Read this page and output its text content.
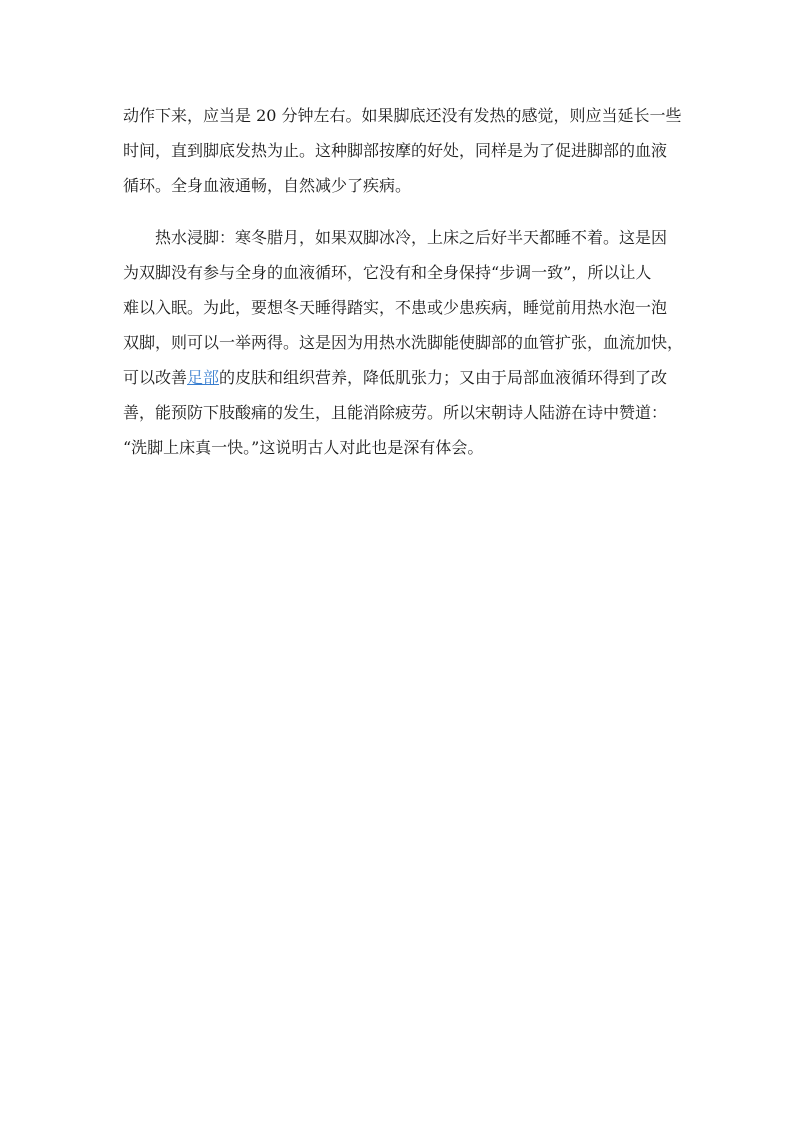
动作下来，应当是 20 分钟左右。如果脚底还没有发热的感觉，则应当延长一些
时间，直到脚底发热为止。这种脚部按摩的好处，同样是为了促进脚部的血液
循环。全身血液通畅，自然减少了疾病。
热水浸脚：寒冬腊月，如果双脚冰冷，上床之后好半天都睡不着。这是因
为双脚没有参与全身的血液循环，它没有和全身保持“步调一致”，所以让人
难以入眠。为此，要想冬天睡得踏实，不患或少患疾病，睡觉前用热水泡一泡
双脚，则可以一举两得。这是因为用热水洗脚能使脚部的血管扩张，血流加快，
可以改善足部的皮肤和组织营养，降低肌张力；又由于局部血液循环得到了改
善，能预防下肢酸痛的发生，且能消除疲劳。所以宋朝诗人陆游在诗中赞道：
“洗脚上床真一快。”这说明古人对此也是深有体会。
